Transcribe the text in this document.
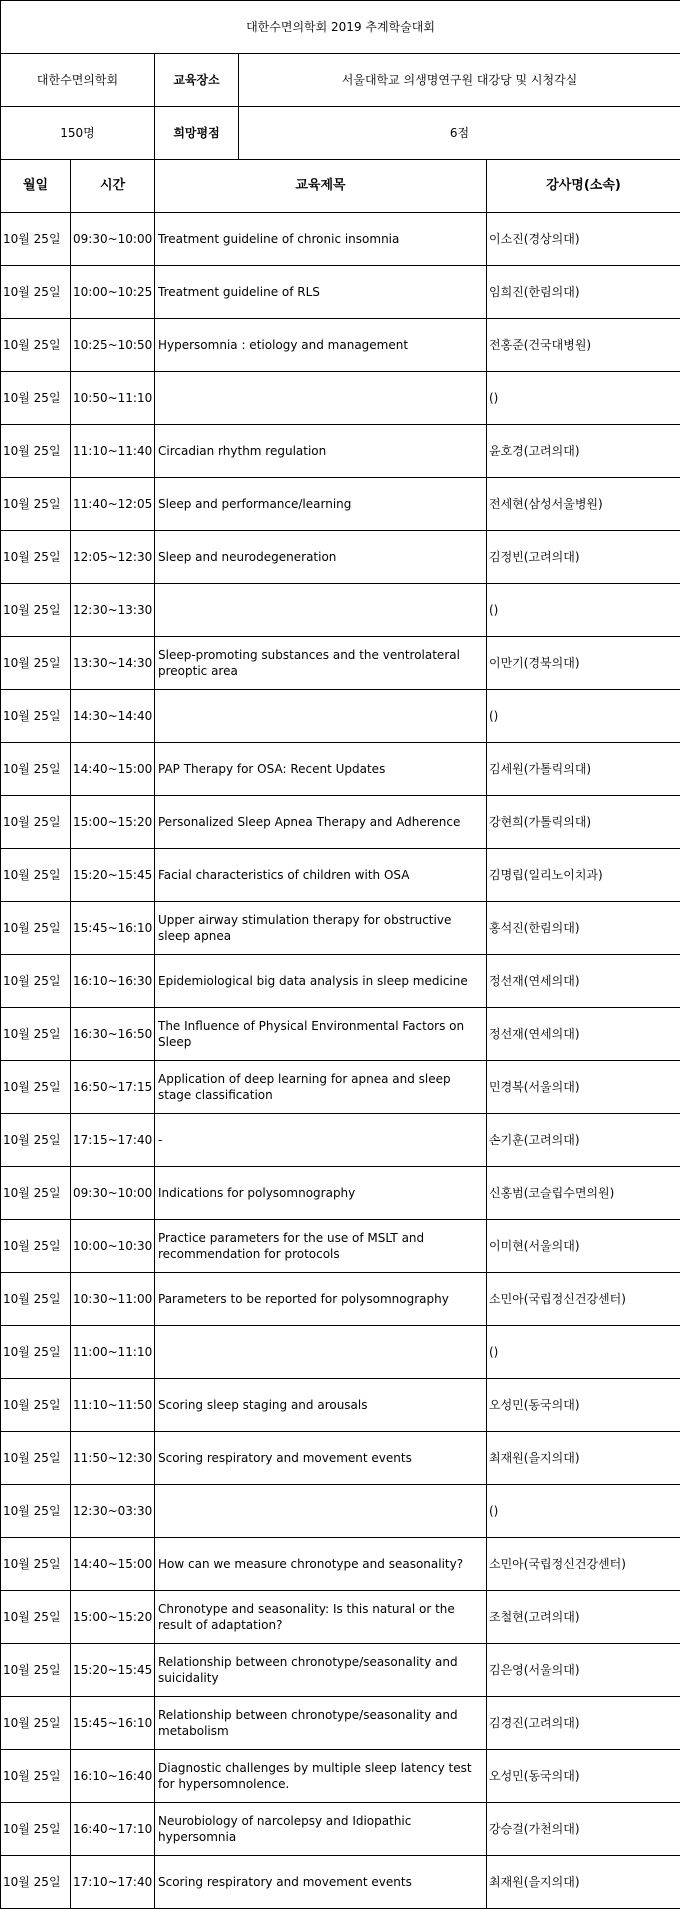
대한수면의학회 2019 추계학술대회				
대한수면의학회		교육장소	서울대학교 의생명연구원 대강당 및 시청각실	
150명		희망평점	6점	
월일	시간	교육제목		강사명(소속)
10월 25일	09:30~10:00	Treatment guideline of chronic insomnia		이소진(경상의대)
10월 25일	10:00~10:25	Treatment guideline of RLS		임희진(한림의대)
10월 25일	10:25~10:50	Hypersomnia : etiology and management		전홍준(건국대병원)
10월 25일	10:50~11:10			()
10월 25일	11:10~11:40	Circadian rhythm regulation		윤호경(고려의대)
10월 25일	11:40~12:05	Sleep and performance/learning		전세현(삼성서울병원)
10월 25일	12:05~12:30	Sleep and neurodegeneration		김정빈(고려의대)
10월 25일	12:30~13:30			()
10월 25일	13:30~14:30	Sleep-promoting substances and the ventrolateral preoptic area		이만기(경북의대)
10월 25일	14:30~14:40			()
10월 25일	14:40~15:00	PAP Therapy for OSA: Recent Updates		김세원(가톨릭의대)
10월 25일	15:00~15:20	Personalized Sleep Apnea Therapy and Adherence		강현희(가톨릭의대)
10월 25일	15:20~15:45	Facial characteristics of children with OSA		김명립(일리노이치과)
10월 25일	15:45~16:10	Upper airway stimulation therapy for obstructive sleep apnea		홍석진(한림의대)
10월 25일	16:10~16:30	Epidemiological big data analysis in sleep medicine		정선재(연세의대)
10월 25일	16:30~16:50	The Influence of Physical Environmental Factors on Sleep		정선재(연세의대)
10월 25일	16:50~17:15	Application of deep learning for apnea and sleep stage classification		민경복(서울의대)
10월 25일	17:15~17:40	-		손기훈(고려의대)
10월 25일	09:30~10:00	Indications for polysomnography		신홍범(코슬립수면의원)
10월 25일	10:00~10:30	Practice parameters for the use of MSLT and recommendation for protocols		이미현(서울의대)
10월 25일	10:30~11:00	Parameters to be reported for polysomnography		소민아(국립정신건강센터)
10월 25일	11:00~11:10			()
10월 25일	11:10~11:50	Scoring sleep staging and arousals		오성민(동국의대)
10월 25일	11:50~12:30	Scoring respiratory and movement events		최재원(을지의대)
10월 25일	12:30~03:30			()
10월 25일	14:40~15:00	How can we measure chronotype and seasonality?		소민아(국립정신건강센터)
10월 25일	15:00~15:20	Chronotype and seasonality: Is this natural or the result of adaptation?		조철현(고려의대)
10월 25일	15:20~15:45	Relationship between chronotype/seasonality and suicidality		김은영(서울의대)
10월 25일	15:45~16:10	Relationship between chronotype/seasonality and metabolism		김경진(고려의대)
10월 25일	16:10~16:40	Diagnostic challenges by multiple sleep latency test for hypersomnolence.		오성민(동국의대)
10월 25일	16:40~17:10	Neurobiology of narcolepsy and Idiopathic hypersomnia		강승걸(가천의대)
10월 25일	17:10~17:40	Scoring respiratory and movement events		최재원(을지의대)
